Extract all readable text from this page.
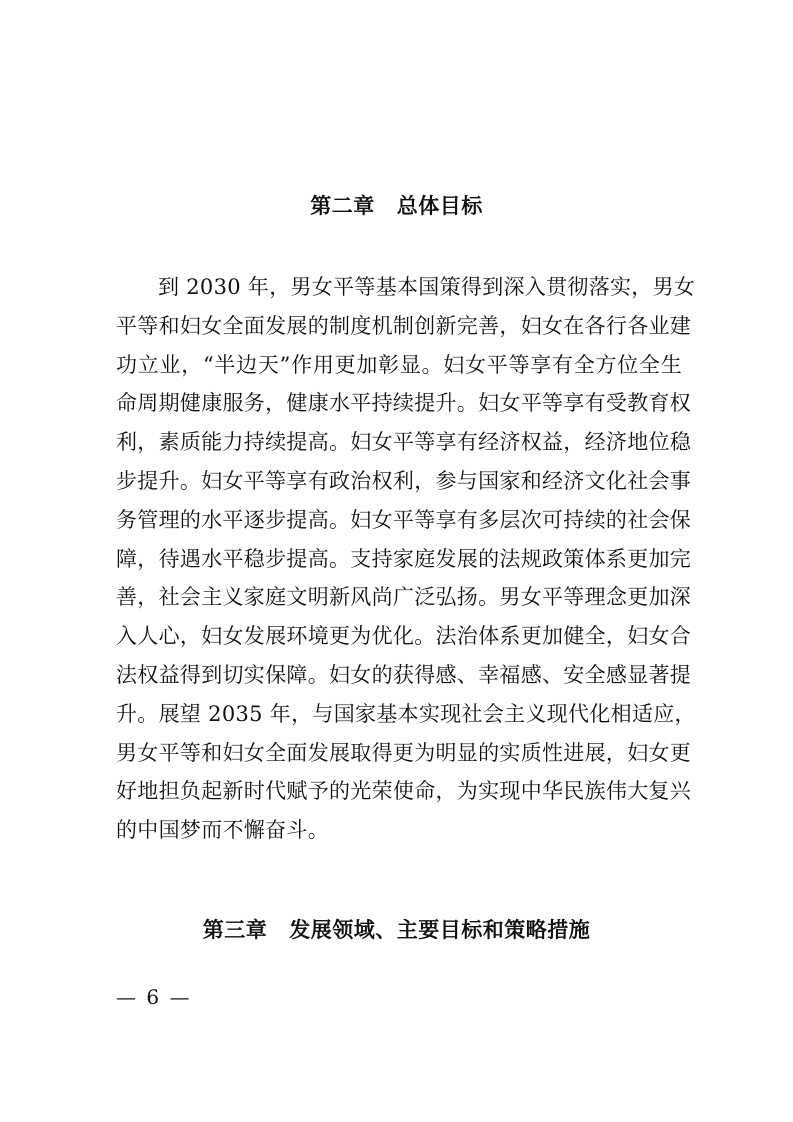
第二章 总体目标
到 2030 年，男女平等基本国策得到深入贯彻落实，男女
平等和妇女全面发展的制度机制创新完善，妇女在各行各业建
功立业，“半边天”作用更加彰显。妇女平等享有全方位全生
命周期健康服务，健康水平持续提升。妇女平等享有受教育权
利，素质能力持续提高。妇女平等享有经济权益，经济地位稳
步提升。妇女平等享有政治权利，参与国家和经济文化社会事
务管理的水平逐步提高。妇女平等享有多层次可持续的社会保
障，待遇水平稳步提高。支持家庭发展的法规政策体系更加完
善，社会主义家庭文明新风尚广泛弘扬。男女平等理念更加深
入人心，妇女发展环境更为优化。法治体系更加健全，妇女合
法权益得到切实保障。妇女的获得感、幸福感、安全感显著提
升。展望 2035 年，与国家基本实现社会主义现代化相适应，
男女平等和妇女全面发展取得更为明显的实质性进展，妇女更
好地担负起新时代赋予的光荣使命，为实现中华民族伟大复兴
的中国梦而不懈奋斗。
第三章 发展领域、主要目标和策略措施
— 6 —
